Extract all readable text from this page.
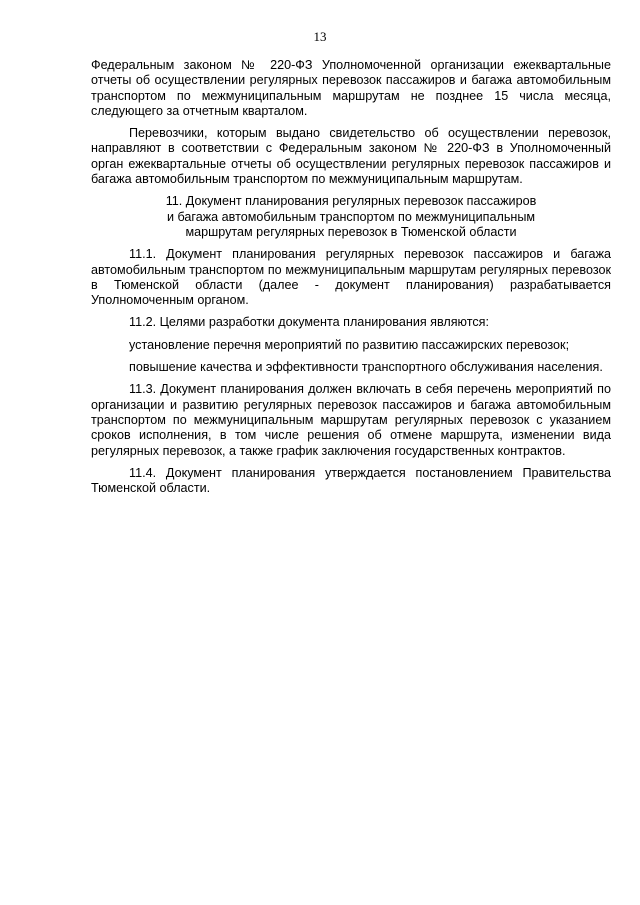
13

Федеральным законом № 220-ФЗ Уполномоченной организации ежеквартальные отчеты об осуществлении регулярных перевозок пассажиров и багажа автомобильным транспортом по межмуниципальным маршрутам не позднее 15 числа месяца, следующего за отчетным кварталом.

Перевозчики, которым выдано свидетельство об осуществлении перевозок, направляют в соответствии с Федеральным законом № 220-ФЗ в Уполномоченный орган ежеквартальные отчеты об осуществлении регулярных перевозок пассажиров и багажа автомобильным транспортом по межмуниципальным маршрутам.

11. Документ планирования регулярных перевозок пассажиров
и багажа автомобильным транспортом по межмуниципальным
маршрутам регулярных перевозок в Тюменской области

11.1. Документ планирования регулярных перевозок пассажиров и багажа автомобильным транспортом по межмуниципальным маршрутам регулярных перевозок в Тюменской области (далее - документ планирования) разрабатывается Уполномоченным органом.

11.2. Целями разработки документа планирования являются:

установление перечня мероприятий по развитию пассажирских перевозок;

повышение качества и эффективности транспортного обслуживания населения.

11.3. Документ планирования должен включать в себя перечень мероприятий по организации и развитию регулярных перевозок пассажиров и багажа автомобильным транспортом по межмуниципальным маршрутам регулярных перевозок с указанием сроков исполнения, в том числе решения об отмене маршрута, изменении вида регулярных перевозок, а также график заключения государственных контрактов.

11.4. Документ планирования утверждается постановлением Правительства Тюменской области.
